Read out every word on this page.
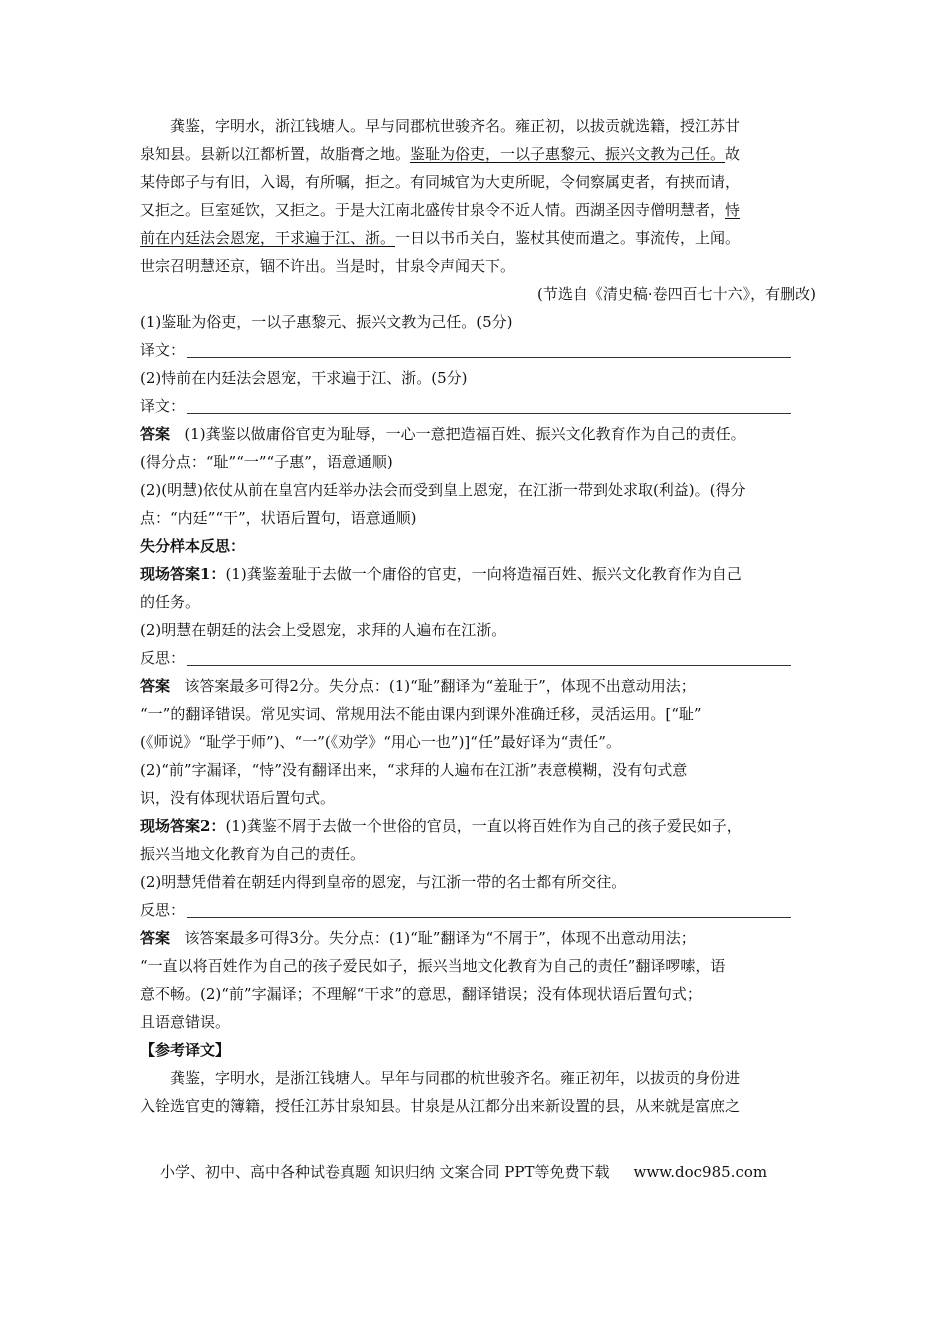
龚鉴，字明水，浙江钱塘人。早与同郡杭世骏齐名。雍正初，以拔贡就选籍，授江苏甘
泉知县。县新以江都析置，故脂膏之地。鉴耻为俗吏，一以子惠黎元、振兴文教为己任。故
某侍郎子与有旧，入谒，有所嘱，拒之。有同城官为大吏所昵，令伺察属吏者，有挟而请，
又拒之。巨室延饮，又拒之。于是大江南北盛传甘泉令不近人情。西湖圣因寺僧明慧者，恃
前在内廷法会恩宠，干求遍于江、浙。一日以书币关白，鉴杖其使而遣之。事流传，上闻。
世宗召明慧还京，锢不许出。当是时，甘泉令声闻天下。
(节选自《清史稿·卷四百七十六》，有删改)
(1)鉴耻为俗吏，一以子惠黎元、振兴文教为己任。(5分)
译文：
(2)恃前在内廷法会恩宠，干求遍于江、浙。(5分)
译文：
答案 (1)龚鉴以做庸俗官吏为耻辱，一心一意把造福百姓、振兴文化教育作为自己的责任。
(得分点：“耻”“一”“子惠”，语意通顺)
(2)(明慧)依仗从前在皇宫内廷举办法会而受到皇上恩宠，在江浙一带到处求取(利益)。(得分
点：“内廷”“干”，状语后置句，语意通顺)
失分样本反思：
现场答案1：(1)龚鉴羞耻于去做一个庸俗的官吏，一向将造福百姓、振兴文化教育作为自己
的任务。
(2)明慧在朝廷的法会上受恩宠，求拜的人遍布在江浙。
反思：
答案 该答案最多可得2分。失分点：(1)“耻”翻译为“羞耻于”，体现不出意动用法；
“一”的翻译错误。常见实词、常规用法不能由课内到课外准确迁移，灵活运用。[“耻”
(《师说》“耻学于师”)、“一”(《劝学》“用心一也”)]“任”最好译为“责任”。
(2)“前”字漏译，“恃”没有翻译出来，“求拜的人遍布在江浙”表意模糊，没有句式意
识，没有体现状语后置句式。
现场答案2：(1)龚鉴不屑于去做一个世俗的官员，一直以将百姓作为自己的孩子爱民如子，
振兴当地文化教育为自己的责任。
(2)明慧凭借着在朝廷内得到皇帝的恩宠，与江浙一带的名士都有所交往。
反思：
答案 该答案最多可得3分。失分点：(1)“耻”翻译为“不屑于”，体现不出意动用法；
“一直以将百姓作为自己的孩子爱民如子，振兴当地文化教育为自己的责任”翻译啰嗦，语
意不畅。(2)“前”字漏译；不理解“干求”的意思，翻译错误；没有体现状语后置句式；
且语意错误。
【参考译文】
龚鉴，字明水，是浙江钱塘人。早年与同郡的杭世骏齐名。雍正初年，以拔贡的身份进
入铨选官吏的簿籍，授任江苏甘泉知县。甘泉是从江都分出来新设置的县，从来就是富庶之
小学、初中、高中各种试卷真题 知识归纳 文案合同 PPT等免费下载 www.doc985.com
